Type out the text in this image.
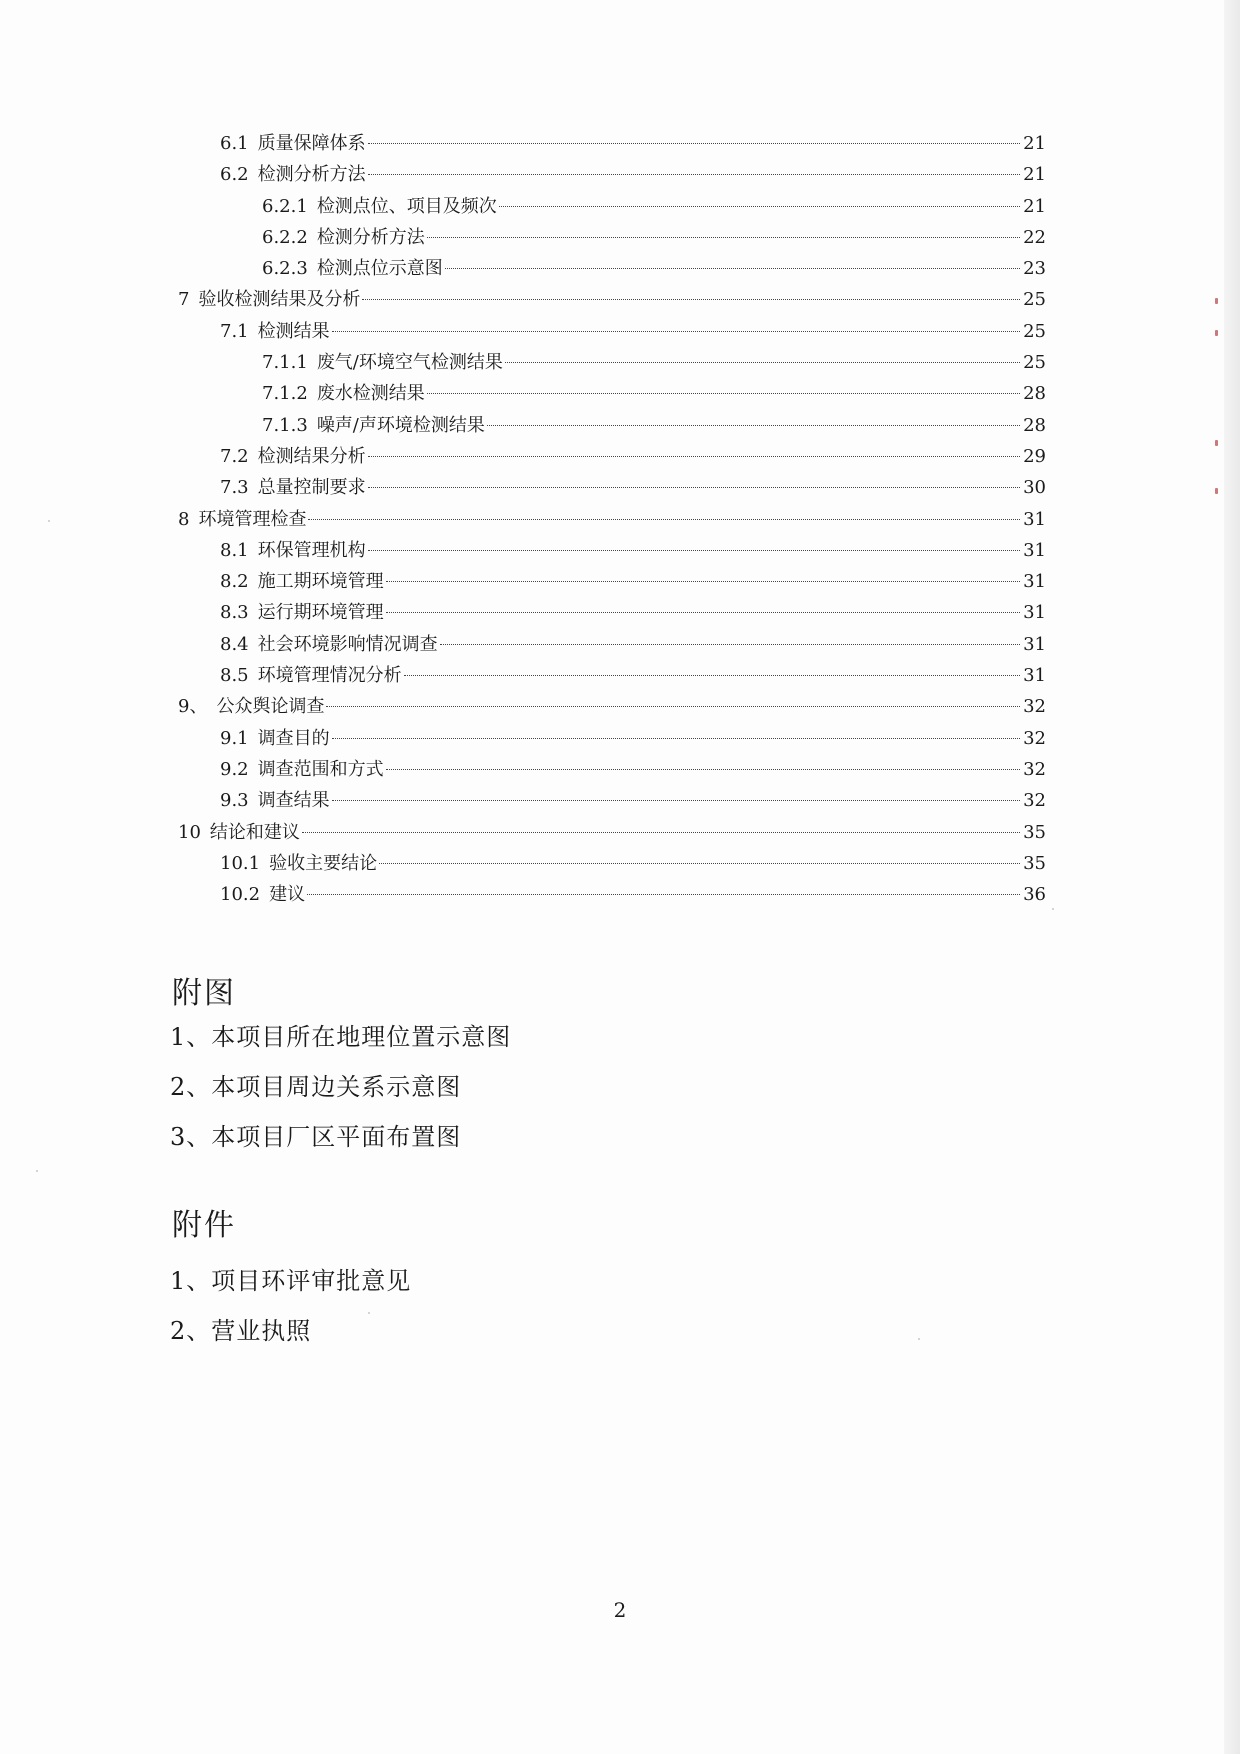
6.1 质量保障体系	21
6.2 检测分析方法	21
6.2.1 检测点位、项目及频次	21
6.2.2 检测分析方法	22
6.2.3 检测点位示意图	23
7 验收检测结果及分析	25
7.1 检测结果	25
7.1.1 废气/环境空气检测结果	25
7.1.2 废水检测结果	28
7.1.3 噪声/声环境检测结果	28
7.2 检测结果分析	29
7.3 总量控制要求	30
8 环境管理检查	31
8.1 环保管理机构	31
8.2 施工期环境管理	31
8.3 运行期环境管理	31
8.4 社会环境影响情况调查	31
8.5 环境管理情况分析	31
9、 公众舆论调查	32
9.1 调查目的	32
9.2 调查范围和方式	32
9.3 调查结果	32
10 结论和建议	35
10.1 验收主要结论	35
10.2 建议	36
附图
1、本项目所在地理位置示意图
2、本项目周边关系示意图
3、本项目厂区平面布置图
附件
1、项目环评审批意见
2、营业执照
2
